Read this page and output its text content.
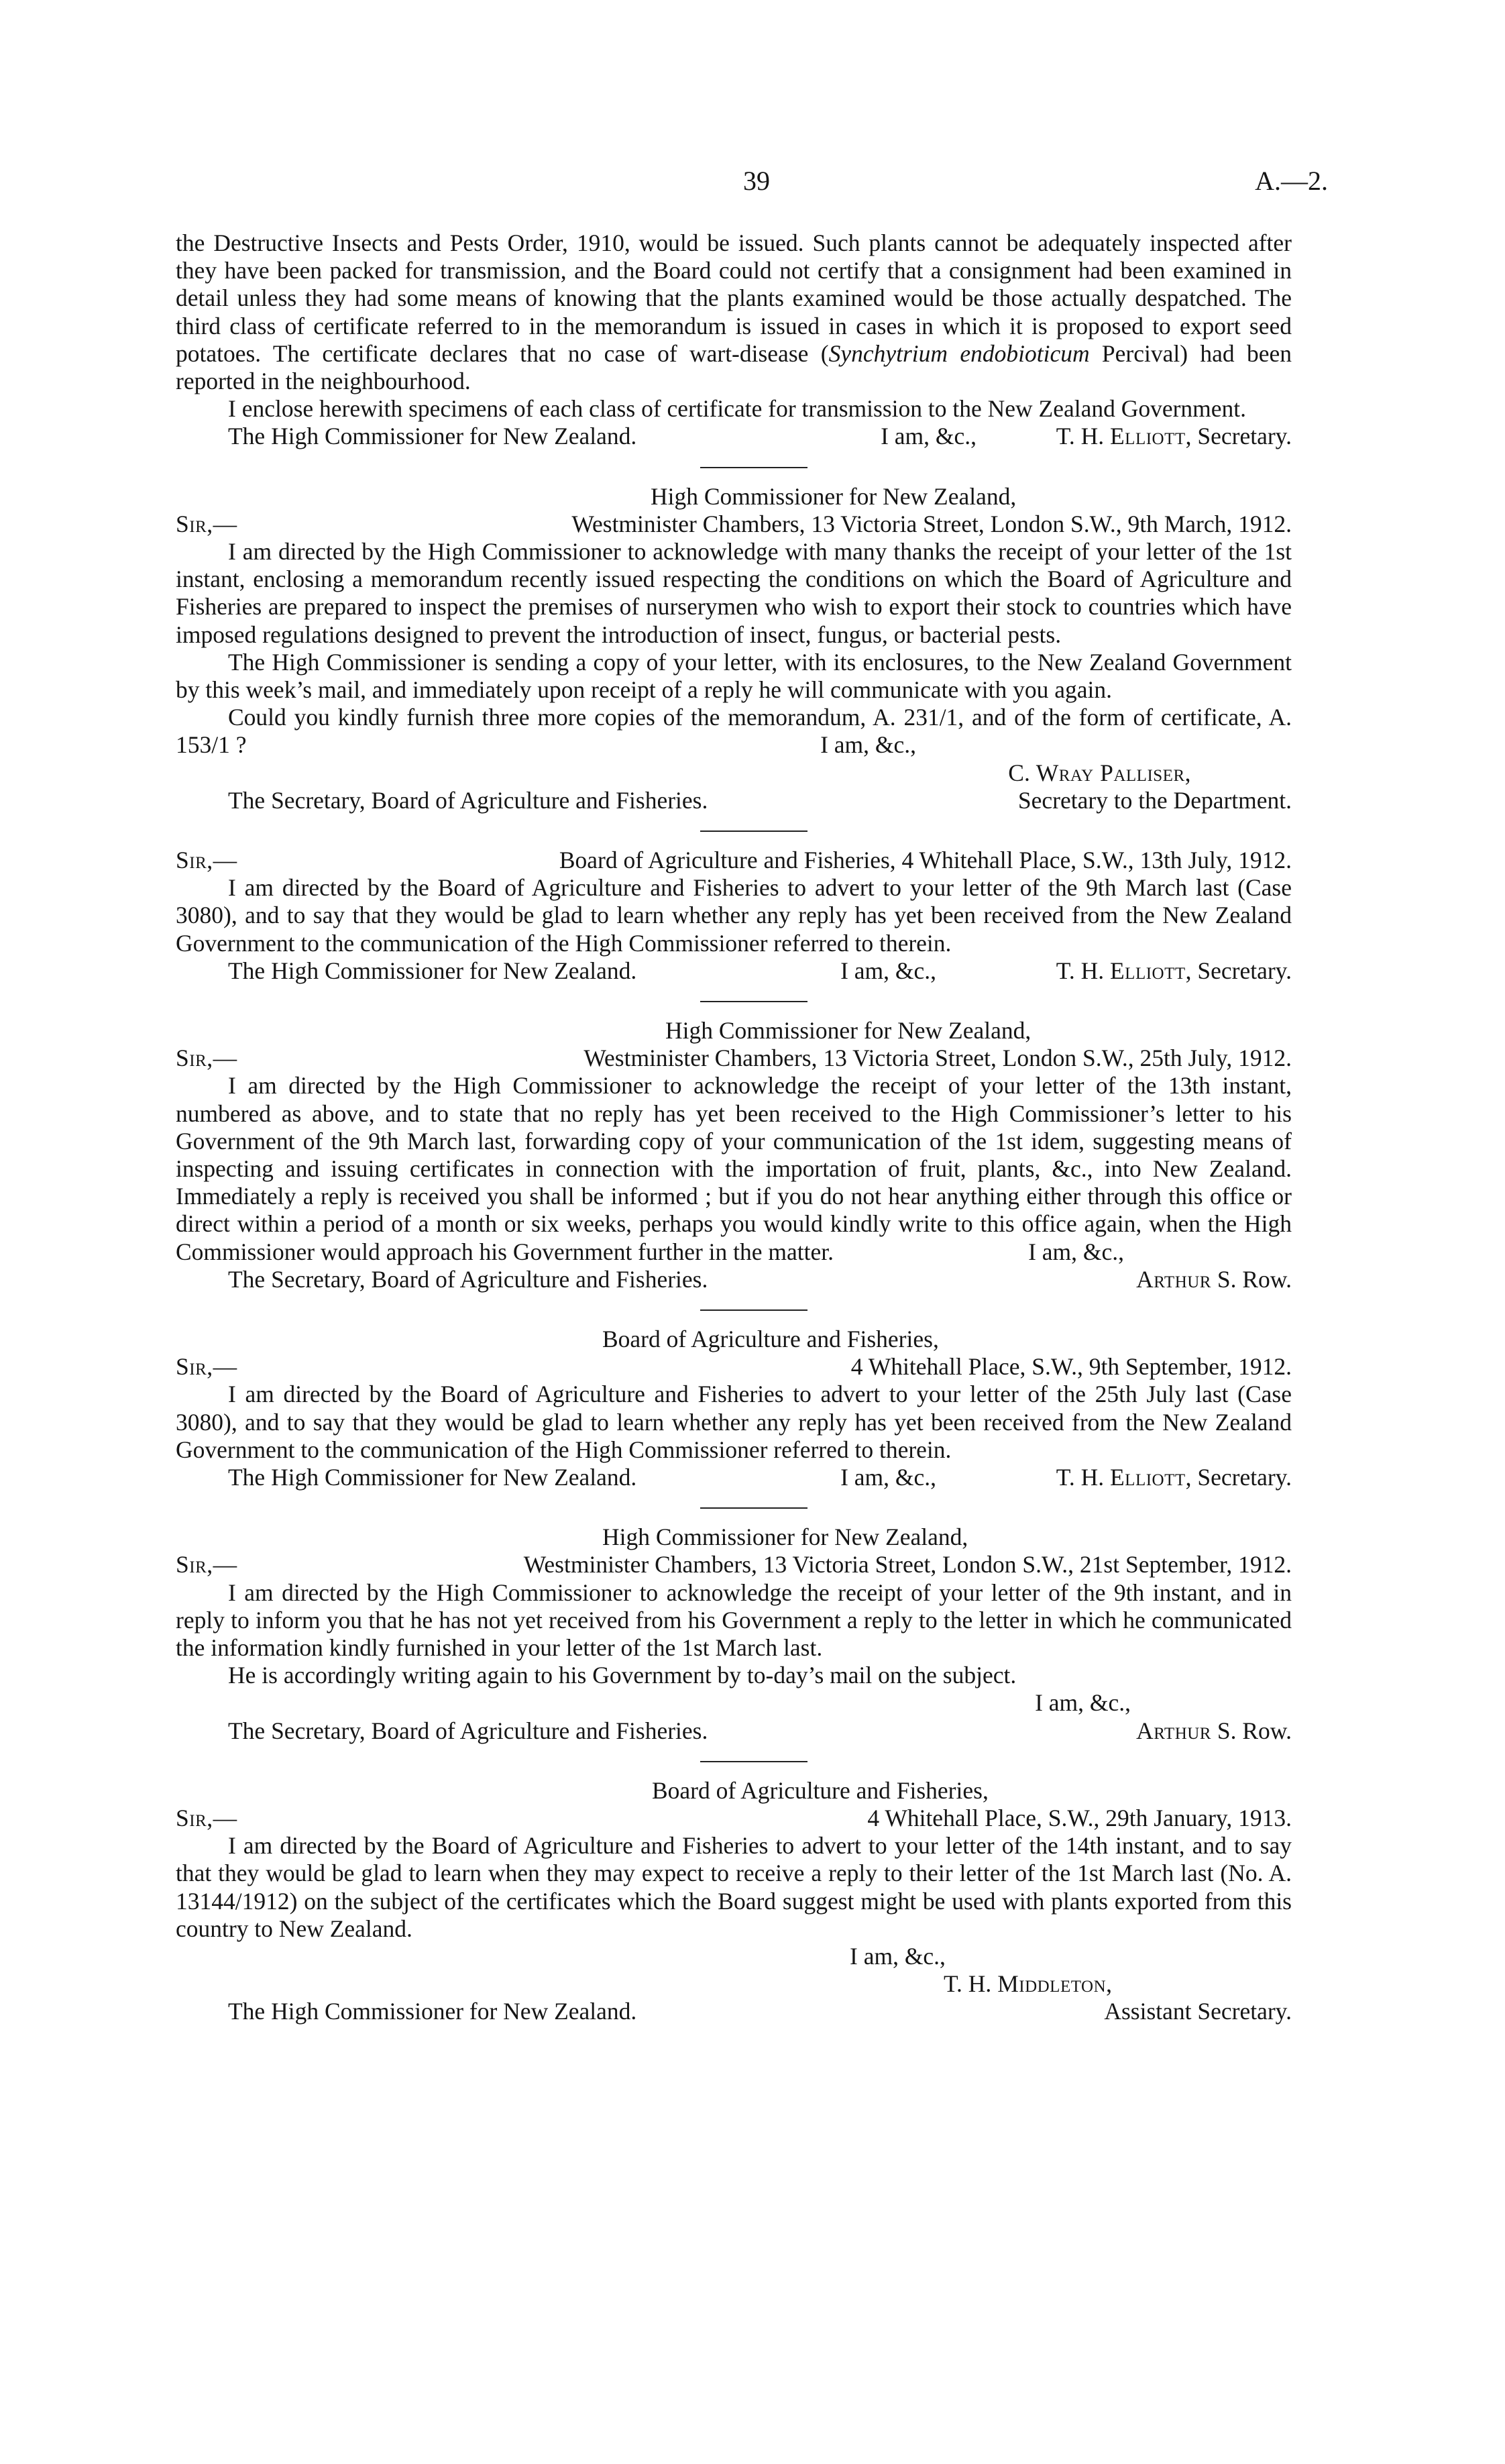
39	A.—2.

the Destructive Insects and Pests Order, 1910, would be issued. Such plants cannot be adequately inspected after they have been packed for transmission, and the Board could not certify that a consignment had been examined in detail unless they had some means of knowing that the plants examined would be those actually despatched. The third class of certificate referred to in the memorandum is issued in cases in which it is proposed to export seed potatoes. The certificate declares that no case of wart-disease (Synchytrium endobioticum Percival) had been reported in the neighbourhood.

I enclose herewith specimens of each class of certificate for transmission to the New Zealand Government.
I am, &c.,

The High Commissioner for New Zealand.	T. H. Elliott, Secretary.

High Commissioner for New Zealand,

Sir,—	Westminister Chambers, 13 Victoria Street, London S.W., 9th March, 1912.

I am directed by the High Commissioner to acknowledge with many thanks the receipt of your letter of the 1st instant, enclosing a memorandum recently issued respecting the conditions on which the Board of Agriculture and Fisheries are prepared to inspect the premises of nurserymen who wish to export their stock to countries which have imposed regulations designed to prevent the introduction of insect, fungus, or bacterial pests.

The High Commissioner is sending a copy of your letter, with its enclosures, to the New Zealand Government by this week’s mail, and immediately upon receipt of a reply he will communicate with you again.

Could you kindly furnish three more copies of the memorandum, A. 231/1, and of the form of certificate, A. 153/1 ?	I am, &c.,

C. Wray Palliser,

The Secretary, Board of Agriculture and Fisheries.	Secretary to the Department.
Sir,—	Board of Agriculture and Fisheries, 4 Whitehall Place, S.W., 13th July, 1912.

I am directed by the Board of Agriculture and Fisheries to advert to your letter of the 9th March last (Case 3080), and to say that they would be glad to learn whether any reply has yet been received from the New Zealand Government to the communication of the High Commissioner referred to therein.
I am, &c.,

The High Commissioner for New Zealand.	T. H. Elliott, Secretary.

High Commissioner for New Zealand,

Sir,—	Westminister Chambers, 13 Victoria Street, London S.W., 25th July, 1912.

I am directed by the High Commissioner to acknowledge the receipt of your letter of the 13th instant, numbered as above, and to state that no reply has yet been received to the High Commissioner’s letter to his Government of the 9th March last, forwarding copy of your communication of the 1st idem, suggesting means of inspecting and issuing certificates in connection with the importation of fruit, plants, &c., into New Zealand. Immediately a reply is received you shall be informed ; but if you do not hear anything either through this office or direct within a period of a month or six weeks, perhaps you would kindly write to this office again, when the High Commissioner would approach his Government further in the matter.	I am, &c.,

The Secretary, Board of Agriculture and Fisheries.	Arthur S. Row.

Board of Agriculture and Fisheries,

Sir,—	4 Whitehall Place, S.W., 9th September, 1912.

I am directed by the Board of Agriculture and Fisheries to advert to your letter of the 25th July last (Case 3080), and to say that they would be glad to learn whether any reply has yet been received from the New Zealand Government to the communication of the High Commissioner referred to therein.
I am, &c.,

The High Commissioner for New Zealand.	T. H. Elliott, Secretary.

High Commissioner for New Zealand,

Sir,—	Westminister Chambers, 13 Victoria Street, London S.W., 21st September, 1912.

I am directed by the High Commissioner to acknowledge the receipt of your letter of the 9th instant, and in reply to inform you that he has not yet received from his Government a reply to the letter in which he communicated the information kindly furnished in your letter of the 1st March last.

He is accordingly writing again to his Government by to-day’s mail on the subject.

I am, &c.,

The Secretary, Board of Agriculture and Fisheries.	Arthur S. Row.

Board of Agriculture and Fisheries,

Sir,—	4 Whitehall Place, S.W., 29th January, 1913.

I am directed by the Board of Agriculture and Fisheries to advert to your letter of the 14th instant, and to say that they would be glad to learn when they may expect to receive a reply to their letter of the 1st March last (No. A. 13144/1912) on the subject of the certificates which the Board suggest might be used with plants exported from this country to New Zealand.

I am, &c.,

T. H. Middleton,

The High Commissioner for New Zealand.	Assistant Secretary.
